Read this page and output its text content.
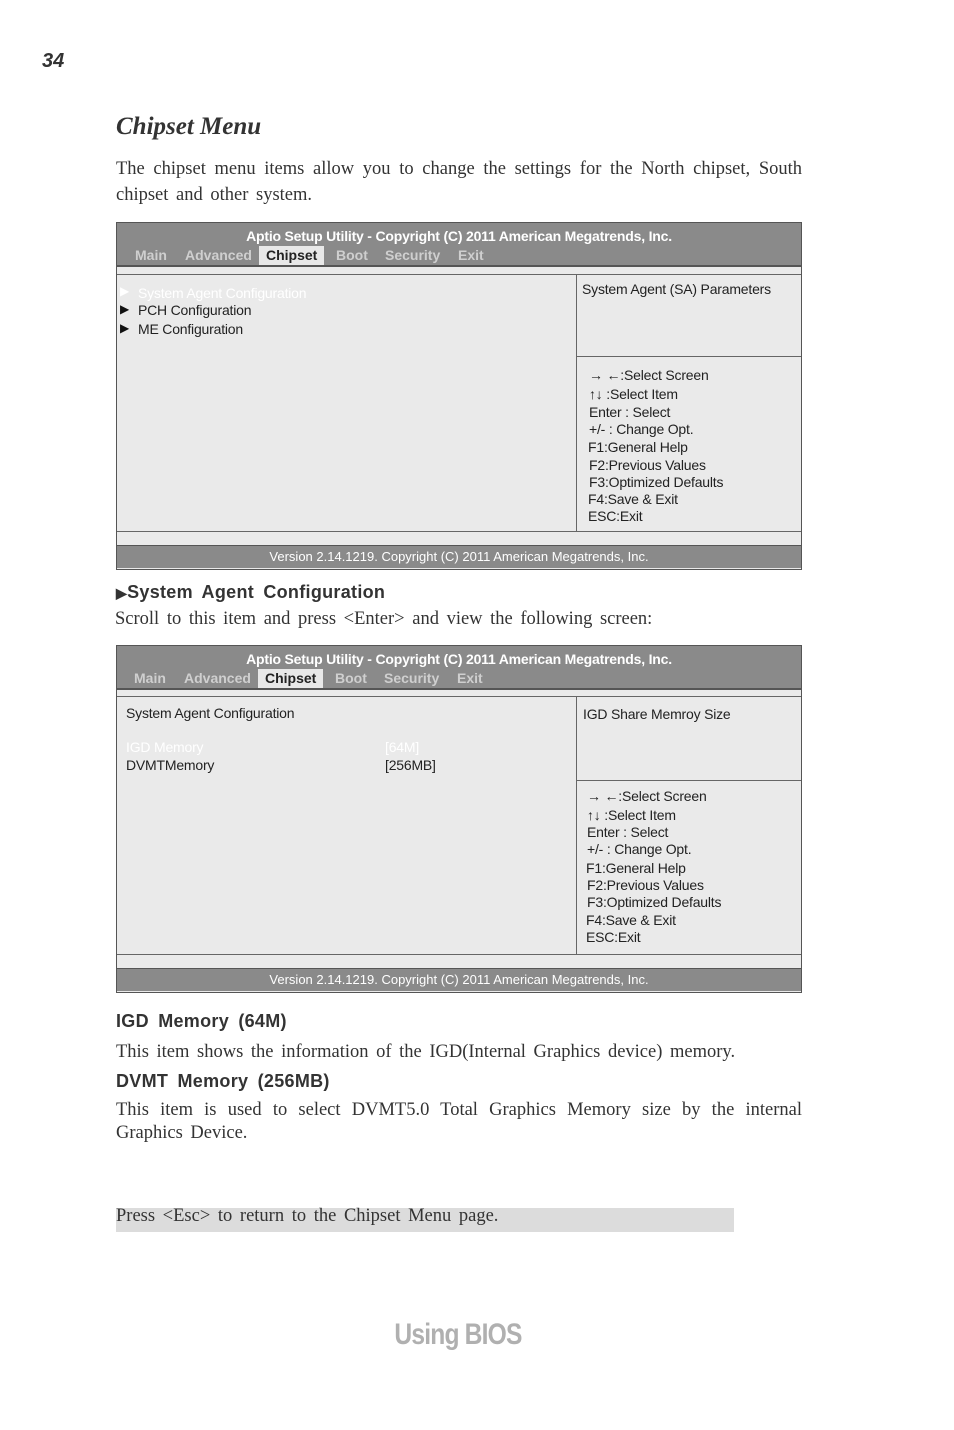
34
Chipset Menu
The chipset menu items allow you to change the settings for the North chipset, South chipset and other system.
Aptio Setup Utility - Copyright (C) 2011 American Megatrends, Inc.
Main Advanced	Chipset	Boot Security Exit
▶ System Agent Configuration
▶ PCH Configuration
▶ ME Configuration
System Agent (SA) Parameters
→ ←:Select Screen
↑↓ :Select Item
Enter : Select
+/- : Change Opt.
F1:General Help
F2:Previous Values
F3:Optimized Defaults
F4:Save & Exit
ESC:Exit
Version 2.14.1219. Copyright (C) 2011 American Megatrends, Inc.
▶System Agent Configuration
Scroll to this item and press <Enter> and view the following screen:
Aptio Setup Utility - Copyright (C) 2011 American Megatrends, Inc.
Main Advanced	Chipset	Boot Security Exit
System Agent Configuration
IGD Memory	[64M]
DVMTMemory	[256MB]
IGD Share Memroy Size
→ ←:Select Screen
↑↓ :Select Item
Enter : Select
+/- : Change Opt.
F1:General Help
F2:Previous Values
F3:Optimized Defaults
F4:Save & Exit
ESC:Exit
Version 2.14.1219. Copyright (C) 2011 American Megatrends, Inc.
IGD Memory (64M)
This item shows the information of the IGD(Internal Graphics device) memory.
DVMT Memory (256MB)
This item is used to select DVMT5.0 Total Graphics Memory size by the internal Graphics Device.
Press <Esc> to return to the Chipset Menu page.
Using BIOS
